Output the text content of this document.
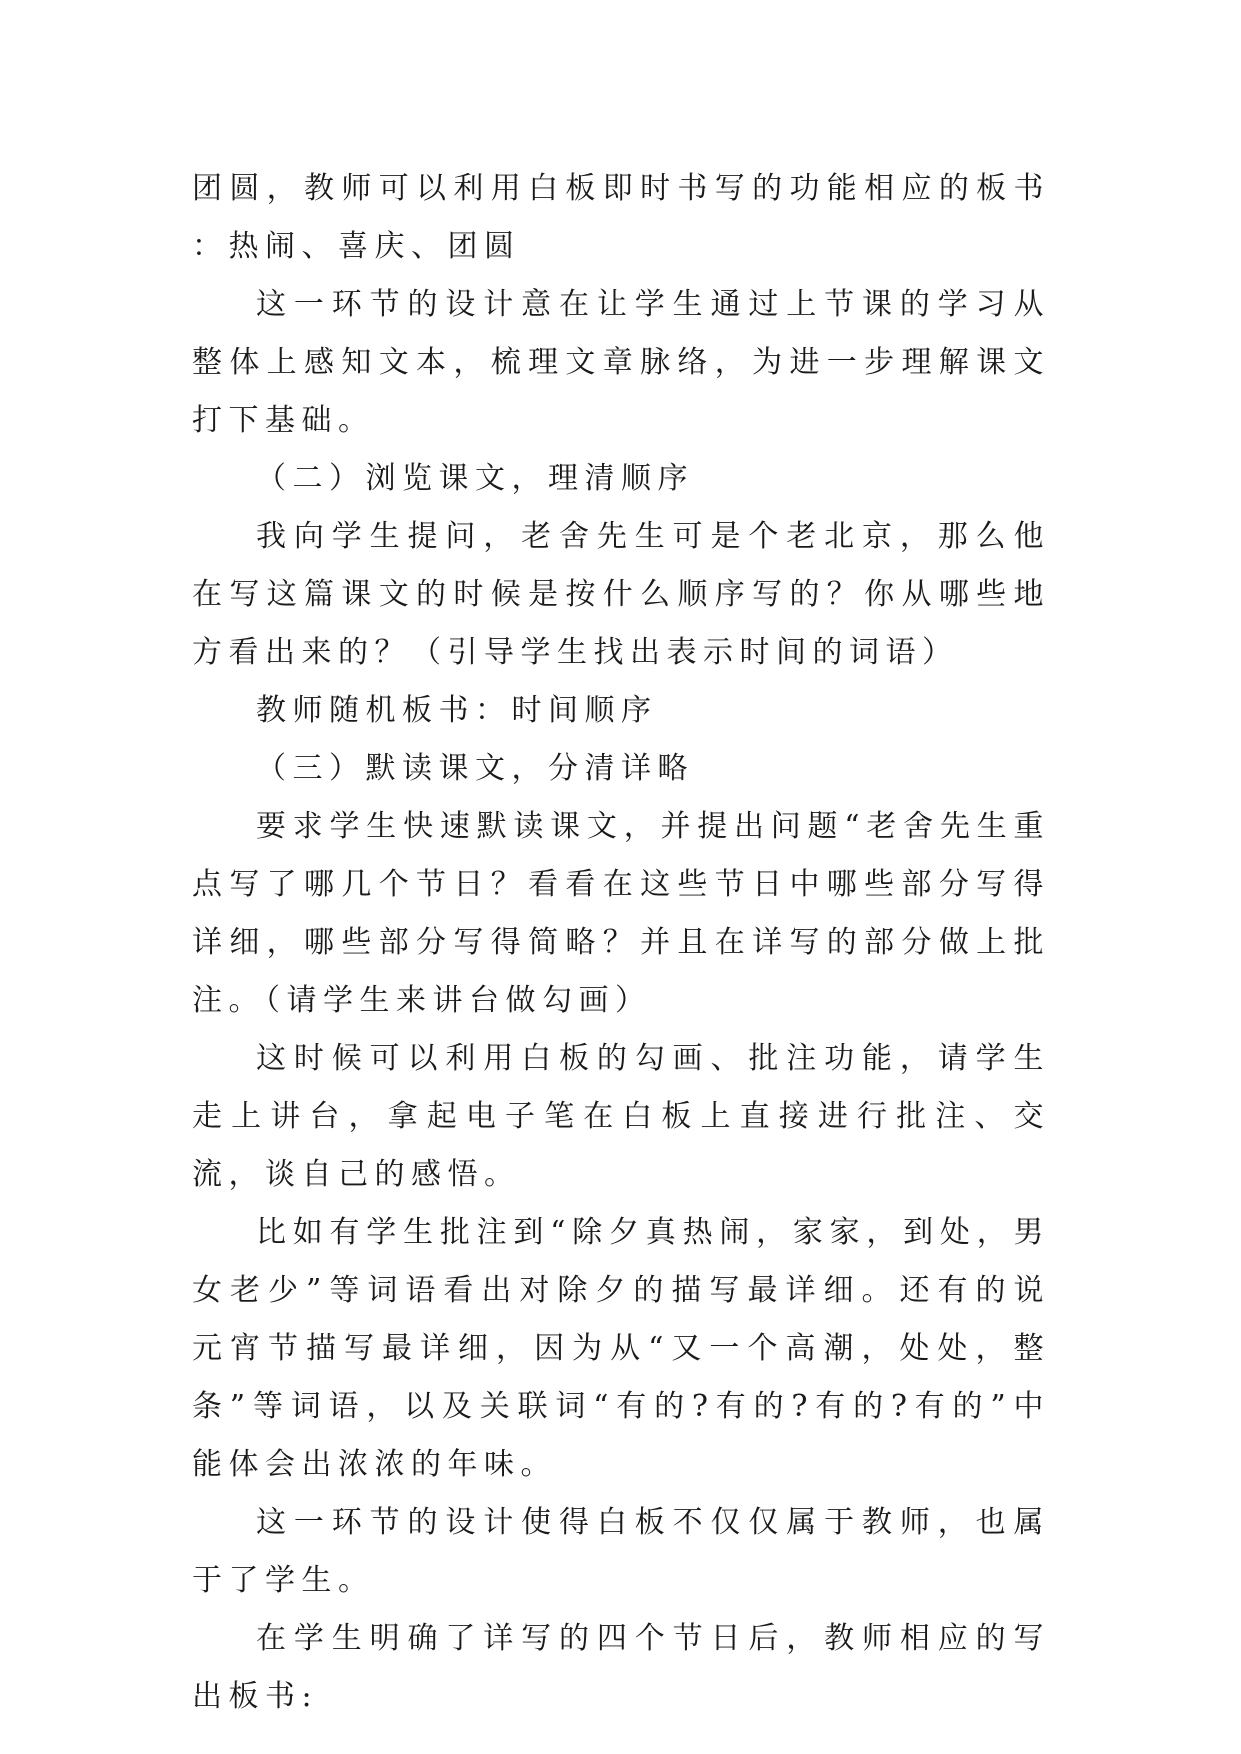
团圆，教师可以利用白板即时书写的功能相应的板书 ：热闹、喜庆、团圆

这一环节的设计意在让学生通过上节课的学习从整体上感知文本，梳理文章脉络，为进一步理解课文打下基础。

（二）浏览课文，理清顺序

我向学生提问，老舍先生可是个老北京，那么他在写这篇课文的时候是按什么顺序写的？你从哪些地方看出来的？（引导学生找出表示时间的词语）

教师随机板书：时间顺序

（三）默读课文，分清详略

要求学生快速默读课文，并提出问题“老舍先生重点写了哪几个节日？看看在这些节日中哪些部分写得详细，哪些部分写得简略？并且在详写的部分做上批注。（请学生来讲台做勾画）

这时候可以利用白板的勾画、批注功能，请学生走上讲台，拿起电子笔在白板上直接进行批注、交流，谈自己的感悟。

比如有学生批注到“除夕真热闹，家家，到处，男女老少”等词语看出对除夕的描写最详细。还有的说元宵节描写最详细，因为从“又一个高潮，处处，整条”等词语，以及关联词“有的?有的?有的?有的”中能体会出浓浓的年味。

这一环节的设计使得白板不仅仅属于教师，也属于了学生。

在学生明确了详写的四个节日后，教师相应的写出板书:
